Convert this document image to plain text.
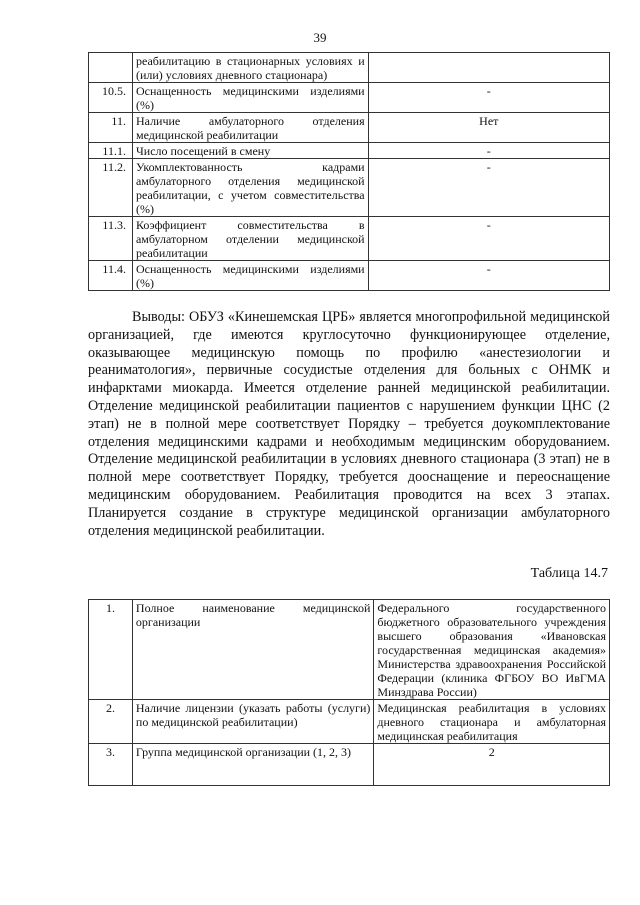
39
	реабилитацию в стационарных условиях и (или) условиях дневного стационара)	
10.5.	Оснащенность медицинскими изделиями (%)	-
11.	Наличие амбулаторного отделения медицинской реабилитации	Нет
11.1.	Число посещений в смену	-
11.2.	Укомплектованность кадрами амбулаторного отделения медицинской реабилитации, с учетом совместительства (%)	-
11.3.	Коэффициент совместительства в амбулаторном отделении медицинской реабилитации	-
11.4.	Оснащенность медицинскими изделиями (%)	-
Выводы: ОБУЗ «Кинешемская ЦРБ» является многопрофильной медицинской организацией, где имеются круглосуточно функционирующее отделение, оказывающее медицинскую помощь по профилю «анестезиологии и реаниматология», первичные сосудистые отделения для больных с ОНМК и инфарктами миокарда. Имеется отделение ранней медицинской реабилитации. Отделение медицинской реабилитации пациентов с нарушением функции ЦНС (2 этап) не в полной мере соответствует Порядку – требуется доукомплектование отделения медицинскими кадрами и необходимым медицинским оборудованием. Отделение медицинской реабилитации в условиях дневного стационара (3 этап) не в полной мере соответствует Порядку, требуется дооснащение и переоснащение медицинским оборудованием. Реабилитация проводится на всех 3 этапах. Планируется создание в структуре медицинской организации амбулаторного отделения медицинской реабилитации.
Таблица 14.7
1.	Полное наименование медицинской организации	Федерального государственного бюджетного образовательного учреждения высшего образования «Ивановская государственная медицинская академия» Министерства здравоохранения Российской Федерации (клиника ФГБОУ ВО ИвГМА Минздрава России)
2.	Наличие лицензии (указать работы (услуги) по медицинской реабилитации)	Медицинская реабилитация в условиях дневного стационара и амбулаторная медицинская реабилитация
3.	Группа медицинской организации (1, 2, 3)	2
